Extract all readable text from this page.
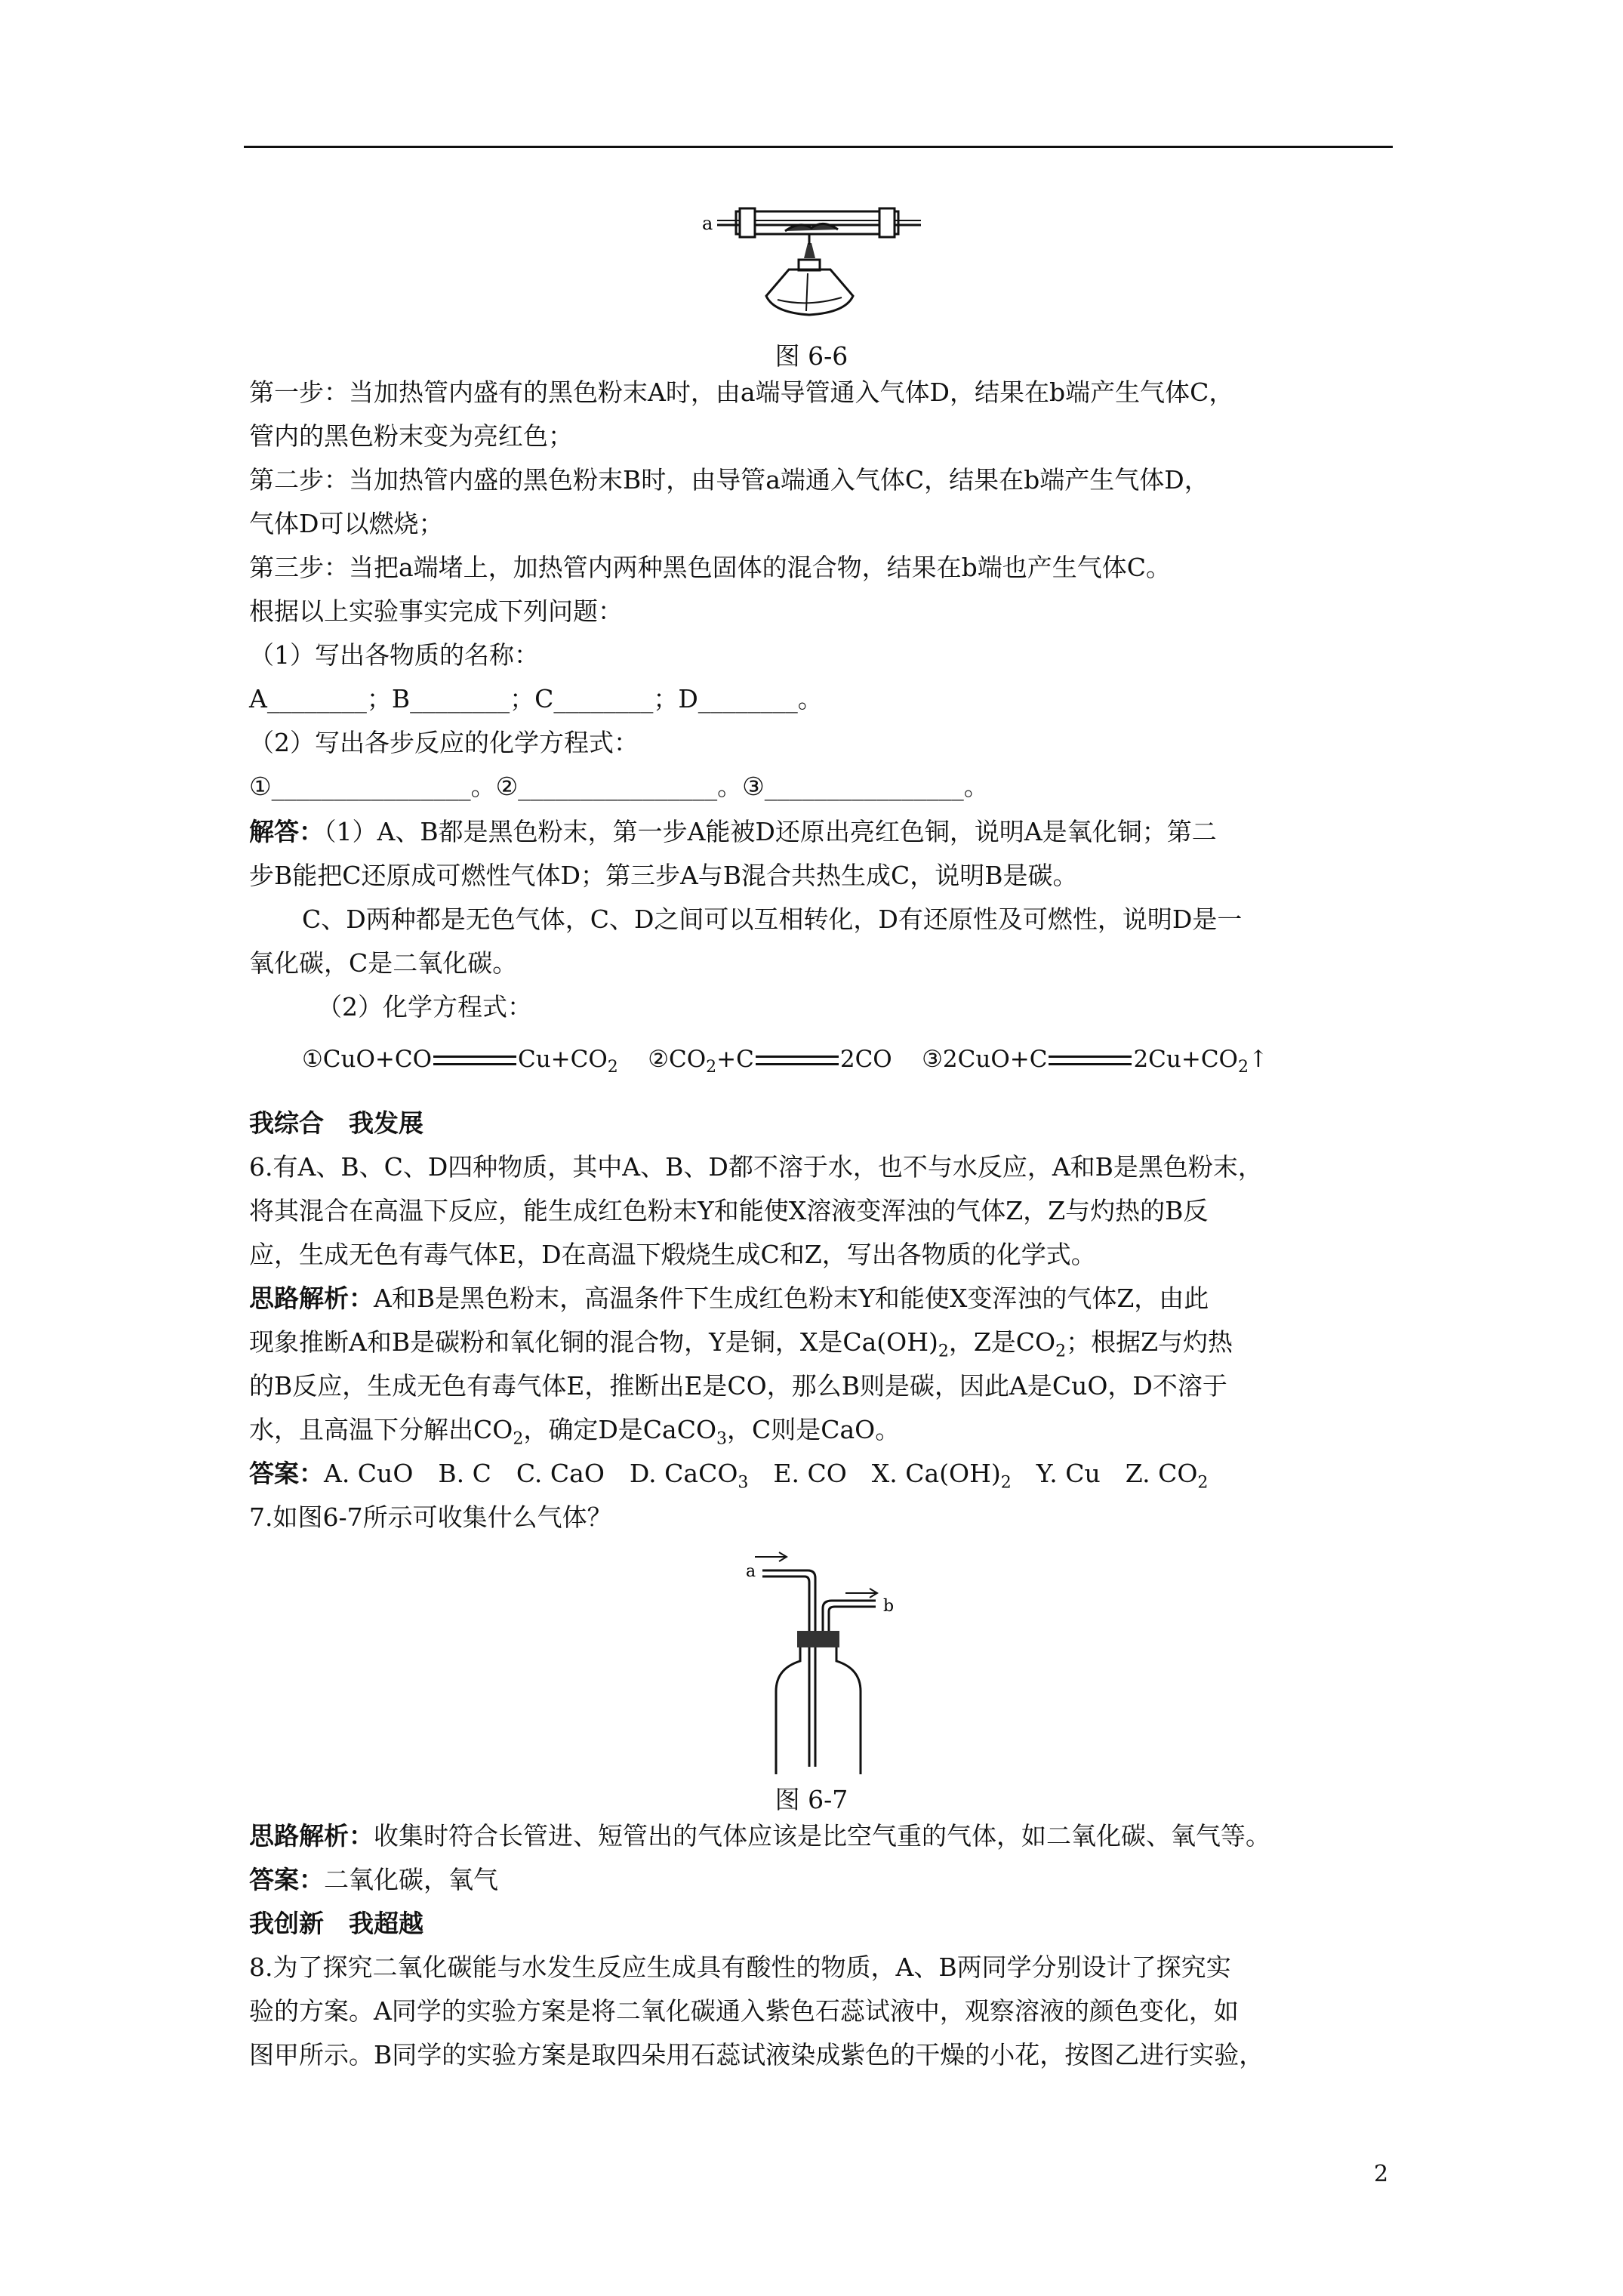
a
图 6-6
第一步：当加热管内盛有的黑色粉末A时，由a端导管通入气体D，结果在b端产生气体C，
管内的黑色粉末变为亮红色；
第二步：当加热管内盛的黑色粉末B时，由导管a端通入气体C，结果在b端产生气体D，
气体D可以燃烧；
第三步：当把a端堵上，加热管内两种黑色固体的混合物，结果在b端也产生气体C。
根据以上实验事实完成下列问题：
（1）写出各物质的名称：
A________；B________；C________；D________。
（2）写出各步反应的化学方程式：
①________________。②________________。③________________。
解答：（1）A、B都是黑色粉末，第一步A能被D还原出亮红色铜，说明A是氧化铜；第二
步B能把C还原成可燃性气体D；第三步A与B混合共热生成C，说明B是碳。
C、D两种都是无色气体，C、D之间可以互相转化，D有还原性及可燃性，说明D是一
氧化碳，C是二氧化碳。
（2）化学方程式：
①CuO+CO	$Cu+CO_2$ $②CO_2+C$	2CO ③2CuO+C	$2Cu+CO_2↑$
我综合　我发展
6.有A、B、C、D四种物质，其中A、B、D都不溶于水，也不与水反应，A和B是黑色粉末，
将其混合在高温下反应，能生成红色粉末Y和能使X溶液变浑浊的气体Z，Z与灼热的B反
应，生成无色有毒气体E，D在高温下煅烧生成C和Z，写出各物质的化学式。
思路解析：A和B是黑色粉末，高温条件下生成红色粉末Y和能使X变浑浊的气体Z，由此
现象推断A和B是碳粉和氧化铜的混合物，Y是铜，X是$Ca(OH)_2$，Z是$CO_2$；根据Z与灼热
的B反应，生成无色有毒气体E，推断出E是CO，那么B则是碳，因此A是CuO，D不溶于
水，且高温下分解出$CO_2$，确定D是CaCO$_3$，C则是CaO。
答案：A. CuO　B. C　C. CaO　D. CaCO$_3$　E. CO　X. $Ca(OH)_2$　Y. Cu　Z. $CO_2$
7.如图6-7所示可收集什么气体？
a
b
图 6-7
思路解析：收集时符合长管进、短管出的气体应该是比空气重的气体，如二氧化碳、氧气等。
答案：二氧化碳，氧气
我创新　我超越
8.为了探究二氧化碳能与水发生反应生成具有酸性的物质，A、B两同学分别设计了探究实
验的方案。A同学的实验方案是将二氧化碳通入紫色石蕊试液中，观察溶液的颜色变化，如
图甲所示。B同学的实验方案是取四朵用石蕊试液染成紫色的干燥的小花，按图乙进行实验，
2
